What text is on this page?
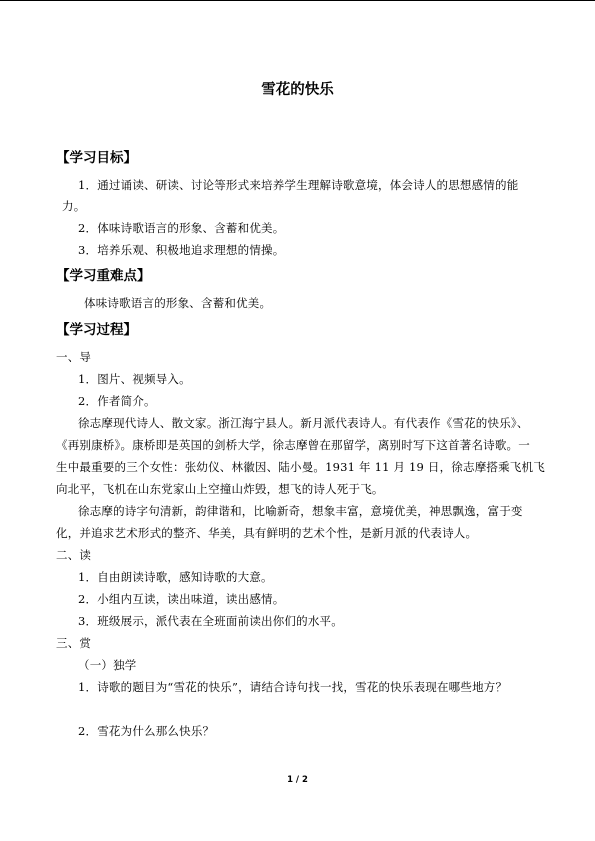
雪花的快乐
【学习目标】
1．通过诵读、研读、讨论等形式来培养学生理解诗歌意境，体会诗人的思想感情的能
力。
2．体味诗歌语言的形象、含蓄和优美。
3．培养乐观、积极地追求理想的情操。
【学习重难点】
体味诗歌语言的形象、含蓄和优美。
【学习过程】
一、导
1．图片、视频导入。
2．作者简介。
徐志摩现代诗人、散文家。浙江海宁县人。新月派代表诗人。有代表作《雪花的快乐》、
《再别康桥》。康桥即是英国的剑桥大学，徐志摩曾在那留学，离别时写下这首著名诗歌。一
生中最重要的三个女性：张幼仪、林徽因、陆小曼。1931 年 11 月 19 日，徐志摩搭乘飞机飞
向北平，飞机在山东党家山上空撞山炸毁，想飞的诗人死于飞。
徐志摩的诗字句清新，韵律谐和，比喻新奇，想象丰富，意境优美，神思飘逸，富于变
化，并追求艺术形式的整齐、华美，具有鲜明的艺术个性，是新月派的代表诗人。
二、读
1．自由朗读诗歌，感知诗歌的大意。
2．小组内互读，读出味道，读出感情。
3．班级展示，派代表在全班面前读出你们的水平。
三、赏
（一）独学
1．诗歌的题目为“雪花的快乐”，请结合诗句找一找，雪花的快乐表现在哪些地方？
2．雪花为什么那么快乐？
1 / 2
